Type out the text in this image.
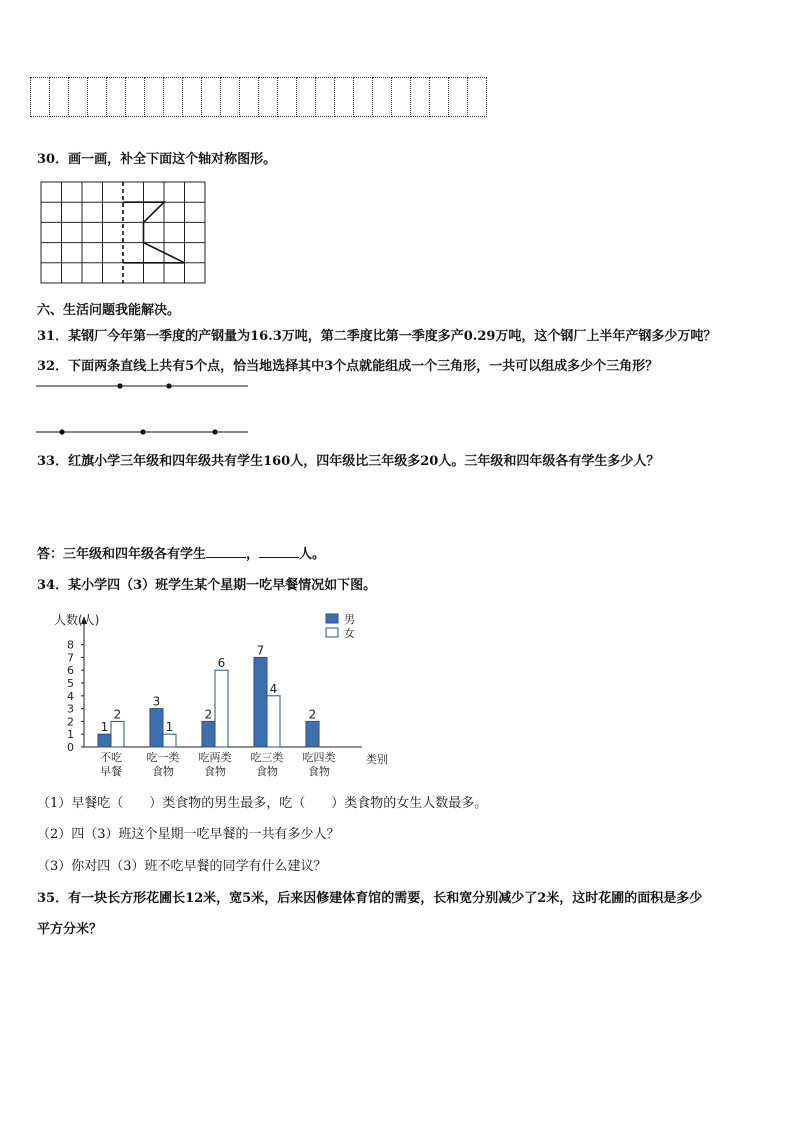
30．画一画，补全下面这个轴对称图形。
六、生活问题我能解决。
31．某钢厂今年第一季度的产钢量为16.3万吨，第二季度比第一季度多产0.29万吨，这个钢厂上半年产钢多少万吨？
32．下面两条直线上共有5个点，恰当地选择其中3个点就能组成一个三角形，一共可以组成多少个三角形？
33．红旗小学三年级和四年级共有学生160人，四年级比三年级多20人。三年级和四年级各有学生多少人？
答：三年级和四年级各有学生	，	人。
34．某小学四（3）班学生某个星期一吃早餐情况如下图。
人数(人)
类别
0
1
2
3
4
5
6
7
8
1
2
不吃
早餐
3
1
吃一类
食物
2
6
吃两类
食物
7
4
吃三类
食物
2
吃四类
食物
男
女
（1）早餐吃（　　）类食物的男生最多，吃（　　）类食物的女生人数最多。
（2）四（3）班这个星期一吃早餐的一共有多少人？
（3）你对四（3）班不吃早餐的同学有什么建议？
35．有一块长方形花圃长12米，宽5米，后来因修建体育馆的需要，长和宽分别减少了2米，这时花圃的面积是多少
平方分米？
